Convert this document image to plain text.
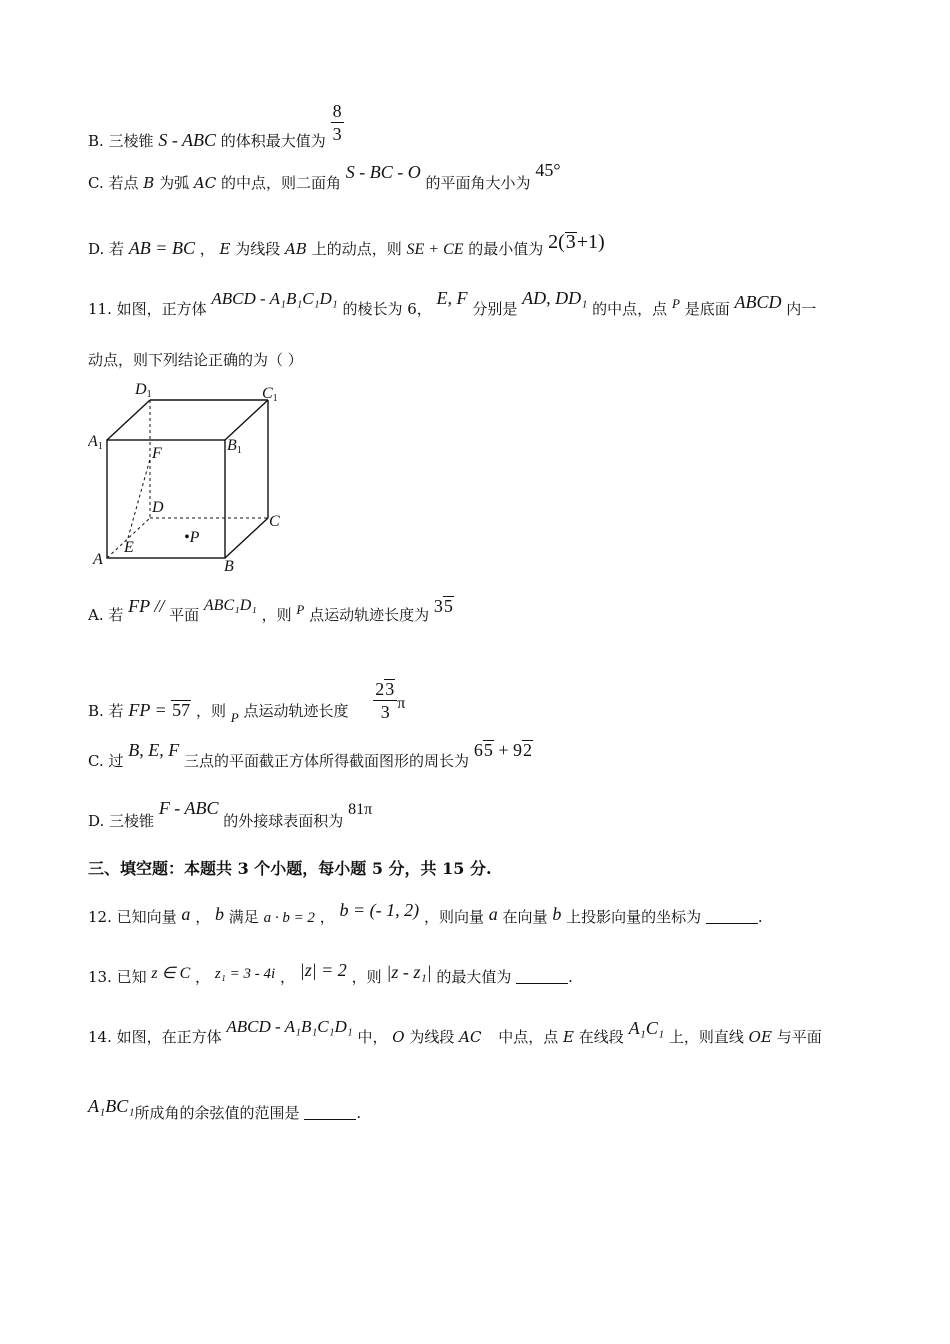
B. 三棱锥 S - ABC 的体积最大值为 $\frac{8}{3}$
C. 若点 B 为弧 AC 的中点，则二面角 S - BC - O 的平面角大小为 45°
D. 若 AB = BC ， E 为线段 AB 上的动点，则 SE + CE 的最小值为 2(3+1)
11. 如图，正方体 ABCD - A₁B₁C₁D₁ 的棱长为 6， E, F 分别是 AD, DD₁ 的中点，点 P 是底面 ABCD 内一
动点，则下列结论正确的为（ ）
D1	C1
A1	B1
F
D
C
E
•P
A	B
A. 若 FP // 平面 ABC₁D₁ ，则 P 点运动轨迹长度为 35
B. 若 FP = 57 ，则 P 点运动轨迹长度 $\frac{23}{3}$ π
C. 过 B, E, F 三点的平面截正方体所得截面图形的周长为 65 + 92
D. 三棱锥 F - ABC 的外接球表面积为 81π
三、填空题：本题共 3 个小题，每小题 5 分，共 15 分.
12. 已知向量 a ， b 满足 a · b = 2 ， b = (- 1, 2) ，则向量 a 在向量 b 上投影向量的坐标为	.
13. 已知 z ∈ C ， z₁ = 3 - 4i ， |z| = 2 ，则 |z - z₁| 的最大值为	.
14. 如图，在正方体 ABCD - A₁B₁C₁D₁ 中， O 为线段 AC 中点，点 E 在线段 A₁C₁ 上，则直线 OE 与平面
A₁BC₁所成角的余弦值的范围是	.
